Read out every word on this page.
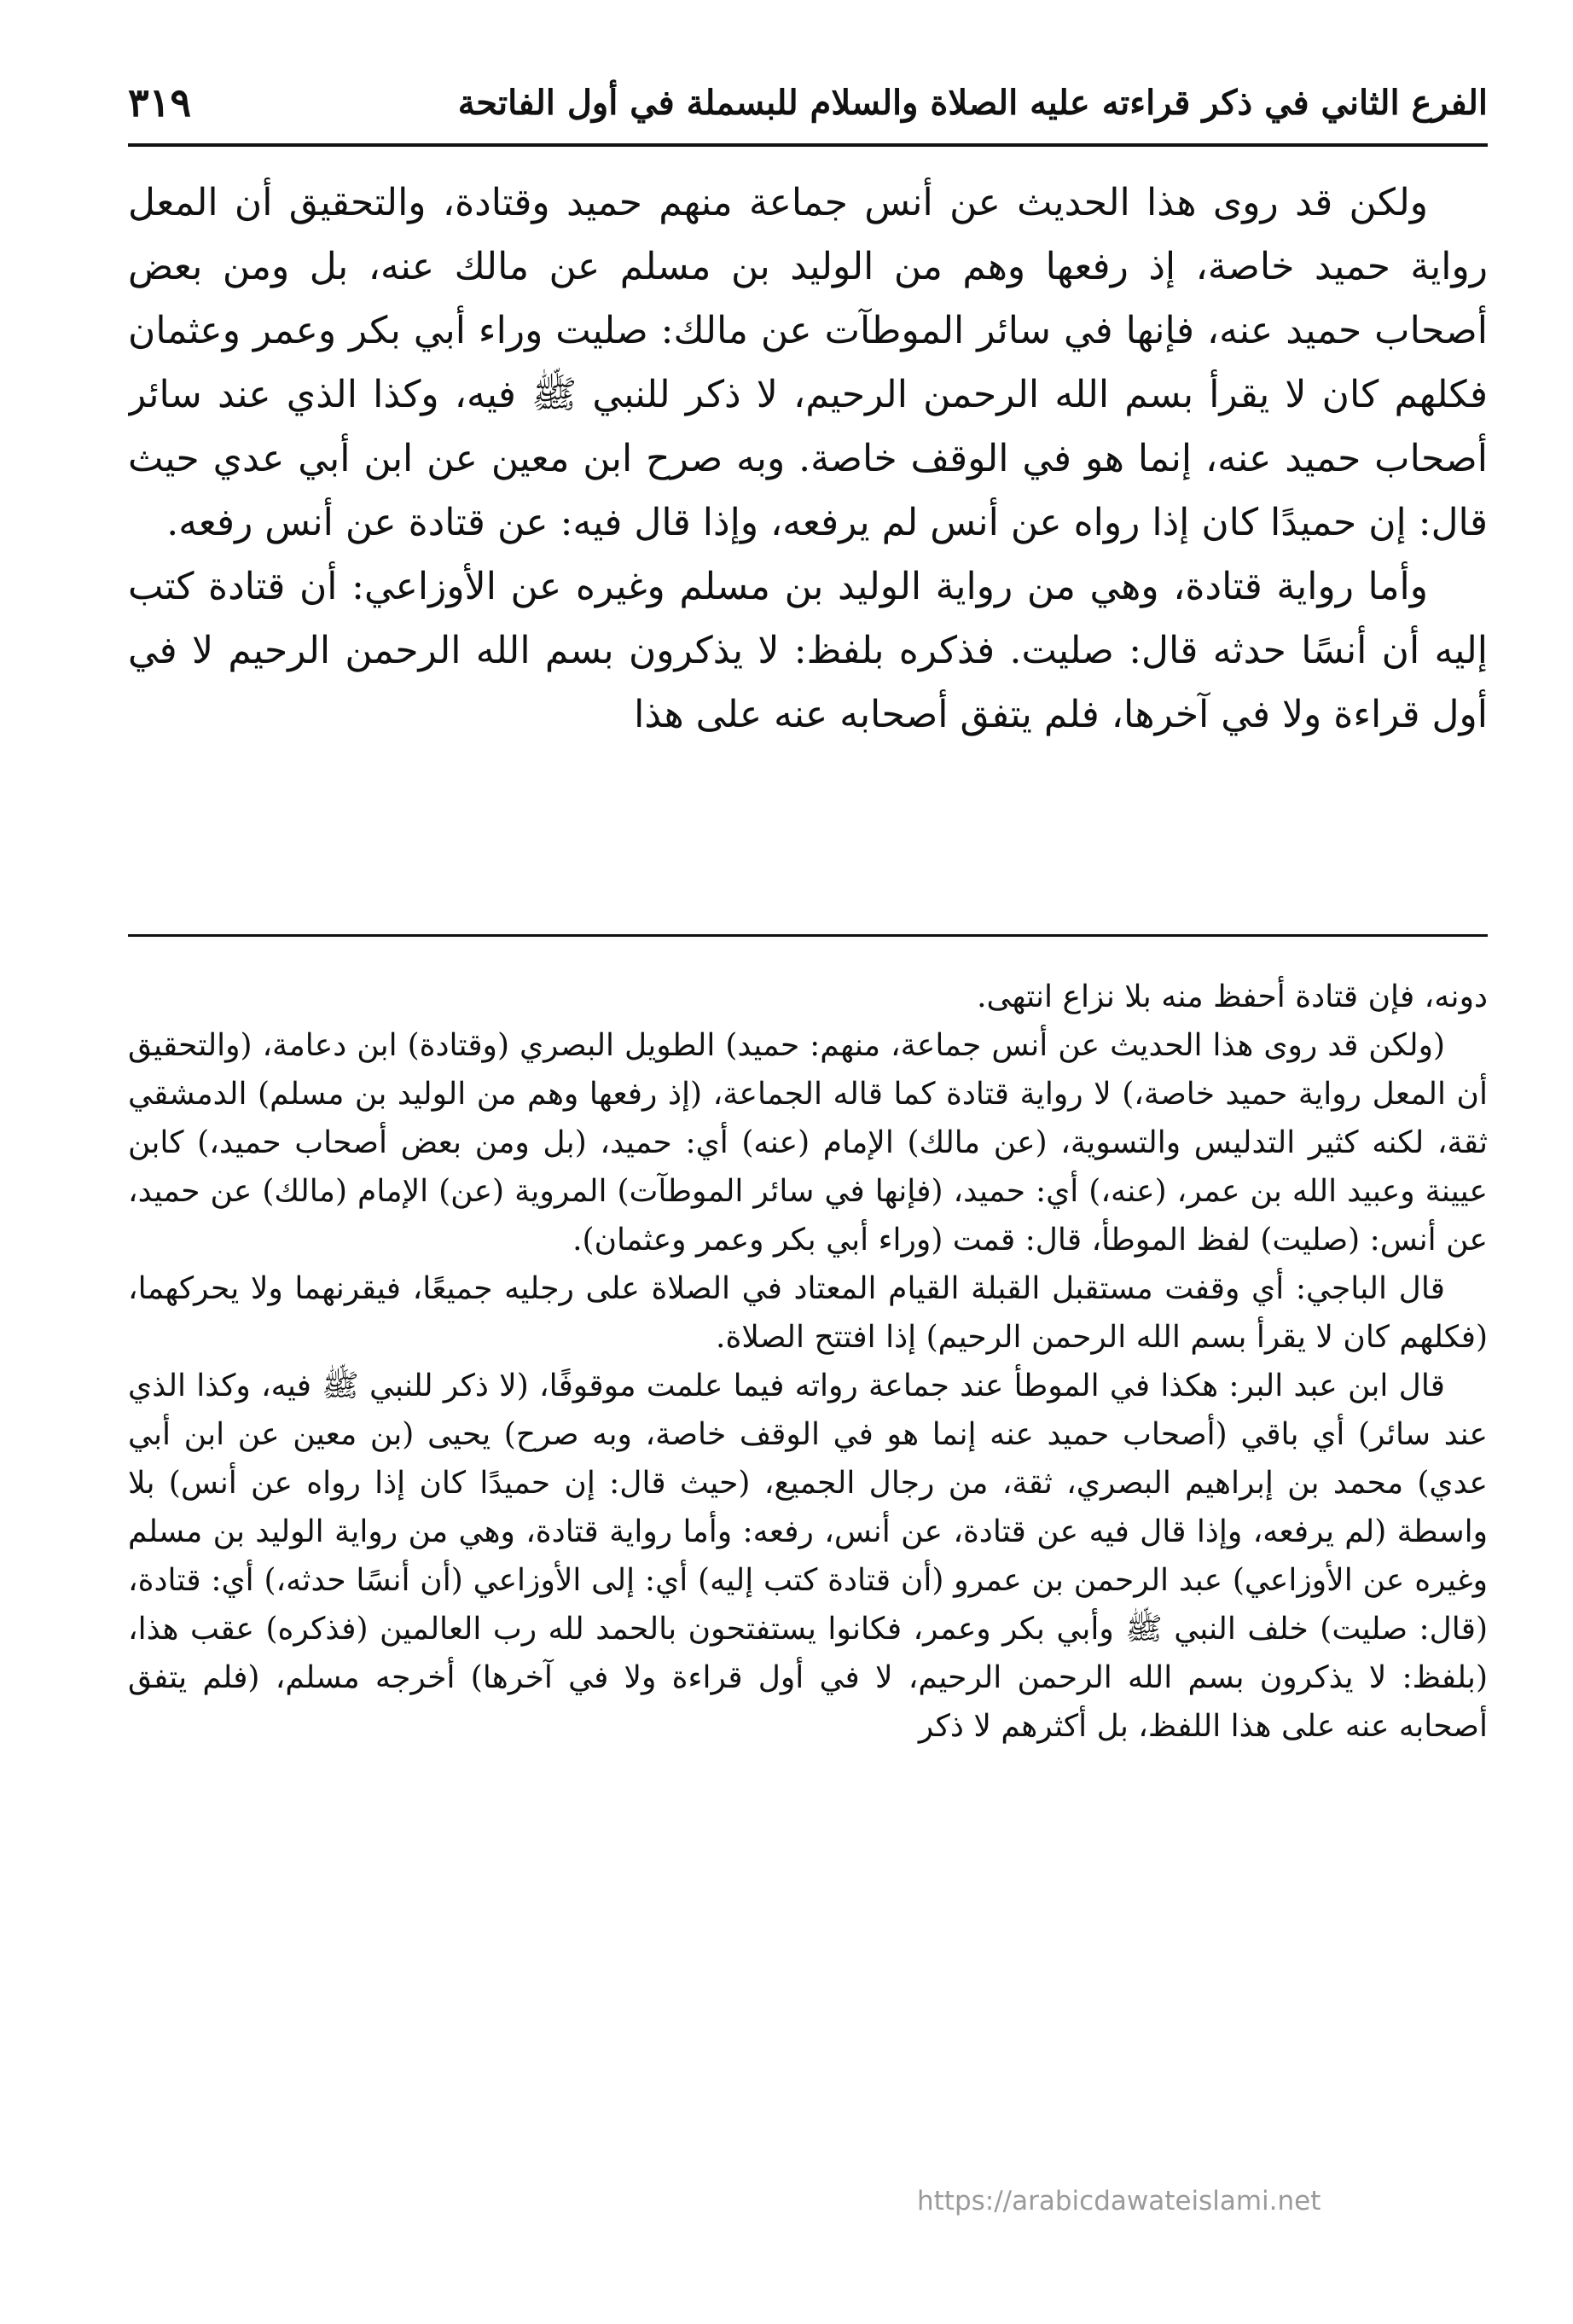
الفرع الثاني في ذكر قراءته عليه الصلاة والسلام للبسملة في أول الفاتحة
٣١٩

ولكن قد روى هذا الحديث عن أنس جماعة منهم حميد وقتادة، والتحقيق أن المعل رواية حميد خاصة، إذ رفعها وهم من الوليد بن مسلم عن مالك عنه، بل ومن بعض أصحاب حميد عنه، فإنها في سائر الموطآت عن مالك: صليت وراء أبي بكر وعمر وعثمان فكلهم كان لا يقرأ بسم الله الرحمن الرحيم، لا ذكر للنبي ﷺ فيه، وكذا الذي عند سائر أصحاب حميد عنه، إنما هو في الوقف خاصة. وبه صرح ابن معين عن ابن أبي عدي حيث قال: إن حميدًا كان إذا رواه عن أنس لم يرفعه، وإذا قال فيه: عن قتادة عن أنس رفعه.

وأما رواية قتادة، وهي من رواية الوليد بن مسلم وغيره عن الأوزاعي: أن قتادة كتب إليه أن أنسًا حدثه قال: صليت. فذكره بلفظ: لا يذكرون بسم الله الرحمن الرحيم لا في أول قراءة ولا في آخرها، فلم يتفق أصحابه عنه على هذا

دونه، فإن قتادة أحفظ منه بلا نزاع انتهى.

(ولكن قد روى هذا الحديث عن أنس جماعة، منهم: حميد) الطويل البصري (وقتادة) ابن دعامة، (والتحقيق أن المعل رواية حميد خاصة،) لا رواية قتادة كما قاله الجماعة، (إذ رفعها وهم من الوليد بن مسلم) الدمشقي ثقة، لكنه كثير التدليس والتسوية، (عن مالك) الإمام (عنه) أي: حميد، (بل ومن بعض أصحاب حميد،) كابن عيينة وعبيد الله بن عمر، (عنه،) أي: حميد، (فإنها في سائر الموطآت) المروية (عن) الإمام (مالك) عن حميد، عن أنس: (صليت) لفظ الموطأ، قال: قمت (وراء أبي بكر وعمر وعثمان).

قال الباجي: أي وقفت مستقبل القبلة القيام المعتاد في الصلاة على رجليه جميعًا، فيقرنهما ولا يحركهما، (فكلهم كان لا يقرأ بسم الله الرحمن الرحيم) إذا افتتح الصلاة.

قال ابن عبد البر: هكذا في الموطأ عند جماعة رواته فيما علمت موقوفًا، (لا ذكر للنبي ﷺ فيه، وكذا الذي عند سائر) أي باقي (أصحاب حميد عنه إنما هو في الوقف خاصة، وبه صرح) يحيى (بن معين عن ابن أبي عدي) محمد بن إبراهيم البصري، ثقة، من رجال الجميع، (حيث قال: إن حميدًا كان إذا رواه عن أنس) بلا واسطة (لم يرفعه، وإذا قال فيه عن قتادة، عن أنس، رفعه: وأما رواية قتادة، وهي من رواية الوليد بن مسلم وغيره عن الأوزاعي) عبد الرحمن بن عمرو (أن قتادة كتب إليه) أي: إلى الأوزاعي (أن أنسًا حدثه،) أي: قتادة، (قال: صليت) خلف النبي ﷺ وأبي بكر وعمر، فكانوا يستفتحون بالحمد لله رب العالمين (فذكره) عقب هذا، (بلفظ: لا يذكرون بسم الله الرحمن الرحيم، لا في أول قراءة ولا في آخرها) أخرجه مسلم، (فلم يتفق أصحابه عنه على هذا اللفظ، بل أكثرهم لا ذكر

https://arabicdawateislami.net
